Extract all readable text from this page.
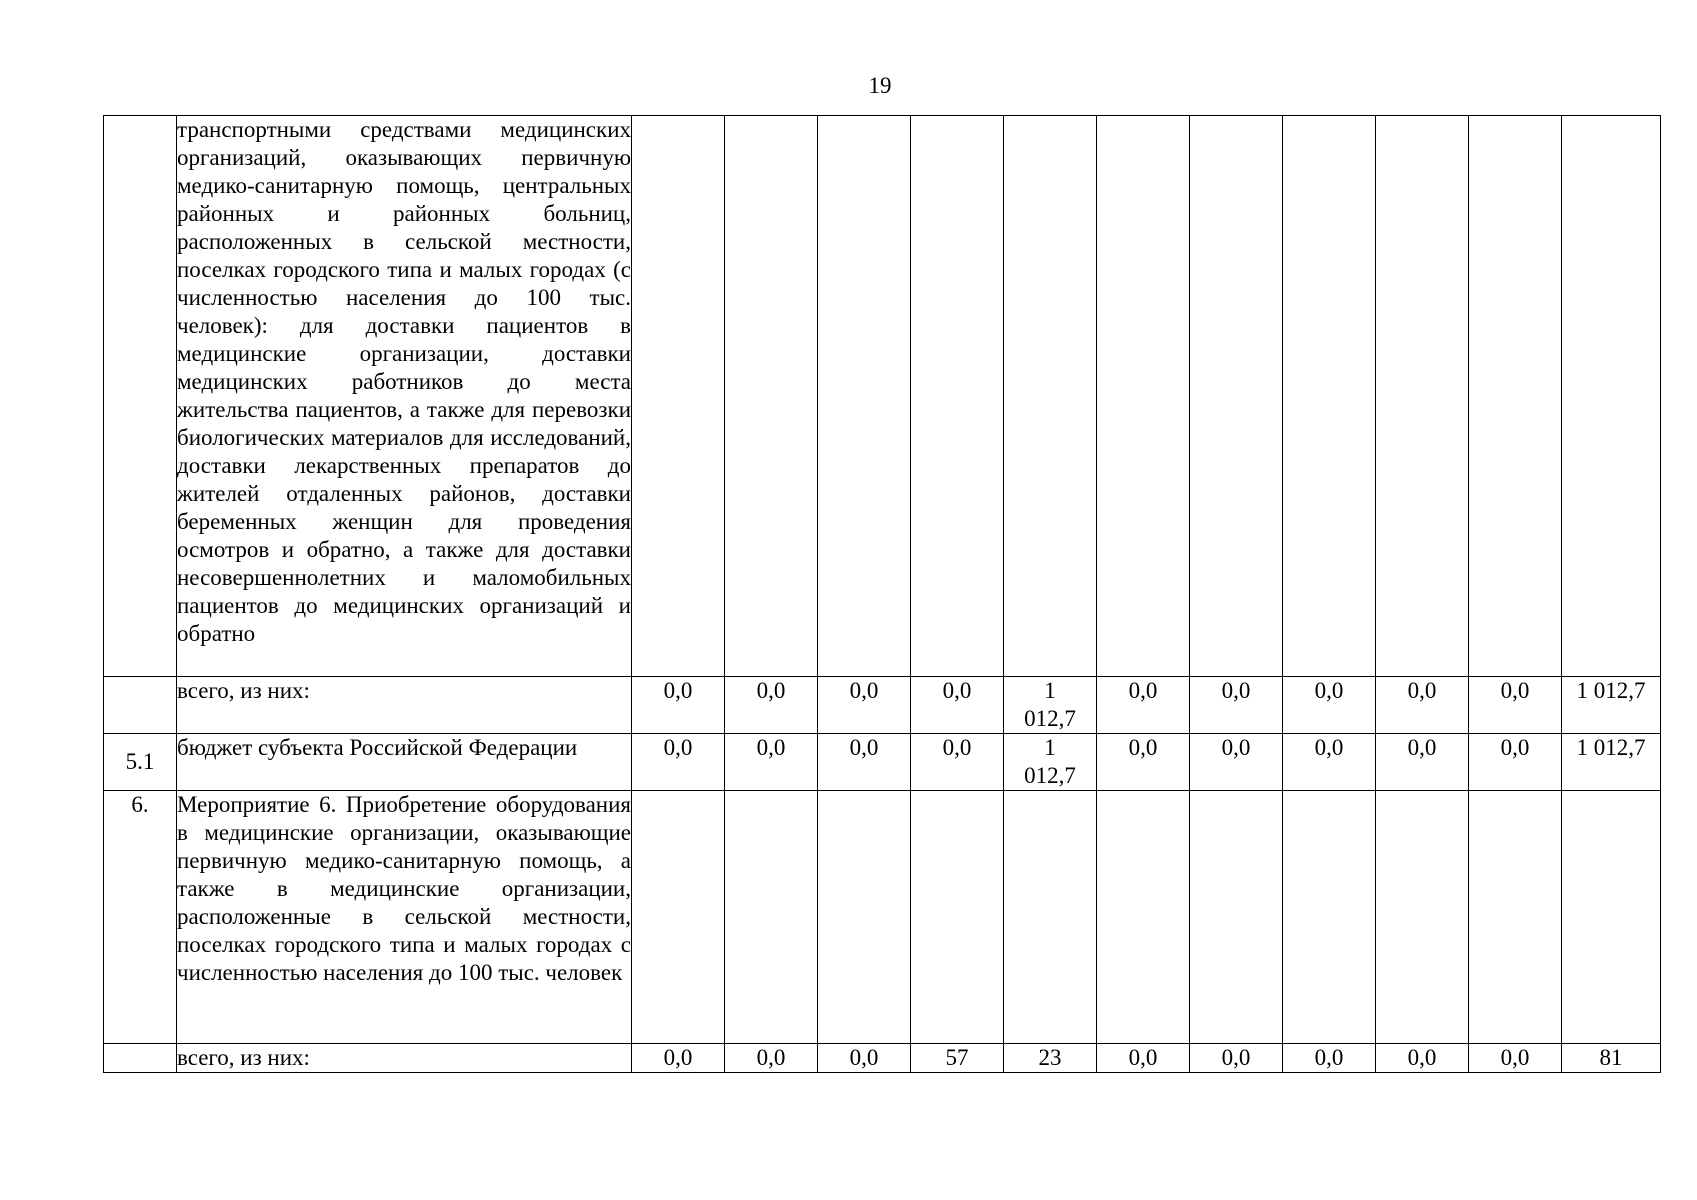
19
	транспортными средствами медицинских организаций, оказывающих первичную медико-санитарную помощь, центральных районных и районных больниц, расположенных в сельской местности, поселках городского типа и малых городах (с численностью населения до 100 тыс. человек): для доставки пациентов в медицинские организации, доставки медицинских работников до места жительства пациентов, а также для перевозки биологических материалов для исследований, доставки лекарственных препаратов до жителей отдаленных районов, доставки беременных женщин для проведения осмотров и обратно, а также для доставки несовершеннолетних и маломобильных пациентов до медицинских организаций и обратно											
	всего, из них:	0,0	0,0	0,0	0,0	1 012,7	0,0	0,0	0,0	0,0	0,0	1 012,7
5.1	бюджет субъекта Российской Федерации	0,0	0,0	0,0	0,0	1 012,7	0,0	0,0	0,0	0,0	0,0	1 012,7
6.	Мероприятие 6. Приобретение оборудования в медицинские организации, оказывающие первичную медико-санитарную помощь, а также в медицинские организации, расположенные в сельской местности, поселках городского типа и малых городах с численностью населения до 100 тыс. человек											
	всего, из них:	0,0	0,0	0,0	57	23	0,0	0,0	0,0	0,0	0,0	81
